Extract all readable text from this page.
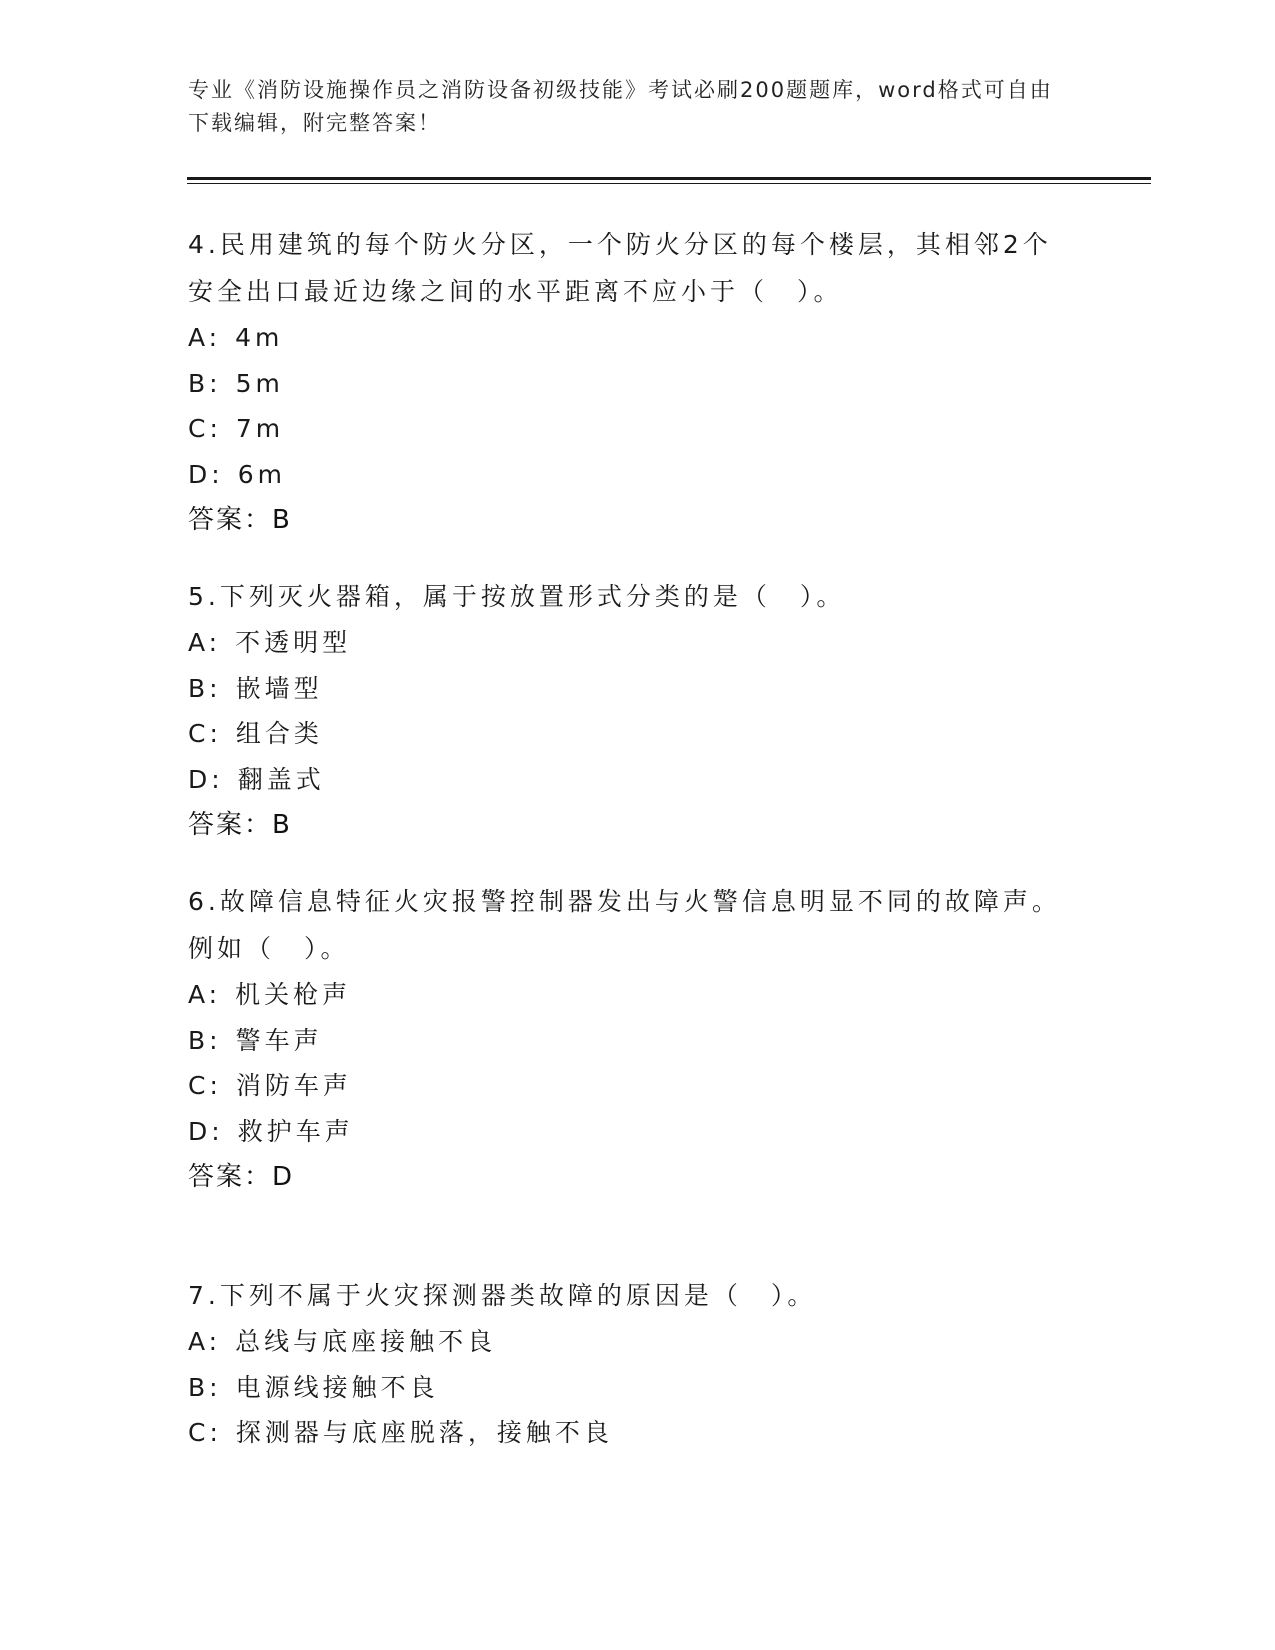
专业《消防设施操作员之消防设备初级技能》考试必刷200题题库，word格式可自由下载编辑，附完整答案！

4.民用建筑的每个防火分区，一个防火分区的每个楼层，其相邻2个安全出口最近边缘之间的水平距离不应小于（　）。

A: 4m

B: 5m

C: 7m

D: 6m

答案：B

5.下列灭火器箱，属于按放置形式分类的是（　）。

A: 不透明型

B: 嵌墙型

C: 组合类

D: 翻盖式

答案：B

6.故障信息特征火灾报警控制器发出与火警信息明显不同的故障声。例如（　）。

A: 机关枪声

B: 警车声

C: 消防车声

D: 救护车声

答案：D

7.下列不属于火灾探测器类故障的原因是（　）。

A: 总线与底座接触不良

B: 电源线接触不良

C: 探测器与底座脱落，接触不良
